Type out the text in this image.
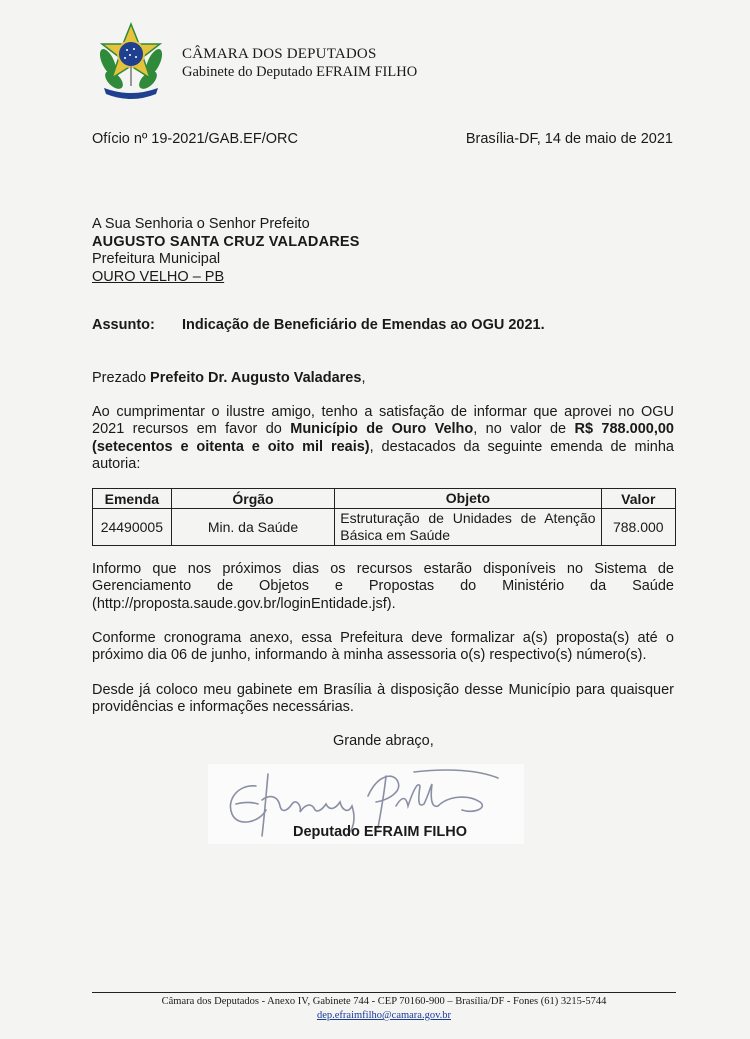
CÂMARA DOS DEPUTADOS

Gabinete do Deputado EFRAIM FILHO

Ofício nº 19-2021/GAB.EF/ORC	Brasília-DF, 14 de maio de 2021

A Sua Senhoria o Senhor Prefeito
AUGUSTO SANTA CRUZ VALADARES
Prefeitura Municipal
OURO VELHO – PB

Assunto: Indicação de Beneficiário de Emendas ao OGU 2021.

Prezado Prefeito Dr. Augusto Valadares,

Ao cumprimentar o ilustre amigo, tenho a satisfação de informar que aprovei no OGU 2021 recursos em favor do Município de Ouro Velho, no valor de R$ 788.000,00 (setecentos e oitenta e oito mil reais), destacados da seguinte emenda de minha autoria:

Emenda	Órgão	Objeto	Valor
24490005	Min. da Saúde	Estruturação de Unidades de Atenção Básica em Saúde	788.000

Informo que nos próximos dias os recursos estarão disponíveis no Sistema de Gerenciamento de Objetos e Propostas do Ministério da Saúde (http://proposta.saude.gov.br/loginEntidade.jsf).

Conforme cronograma anexo, essa Prefeitura deve formalizar a(s) proposta(s) até o próximo dia 06 de junho, informando à minha assessoria o(s) respectivo(s) número(s).

Desde já coloco meu gabinete em Brasília à disposição desse Município para quaisquer providências e informações necessárias.

Grande abraço,

Deputado EFRAIM FILHO

Câmara dos Deputados - Anexo IV, Gabinete 744 - CEP 70160-900 – Brasília/DF - Fones (61) 3215-5744

dep.efraimfilho@camara.gov.br
